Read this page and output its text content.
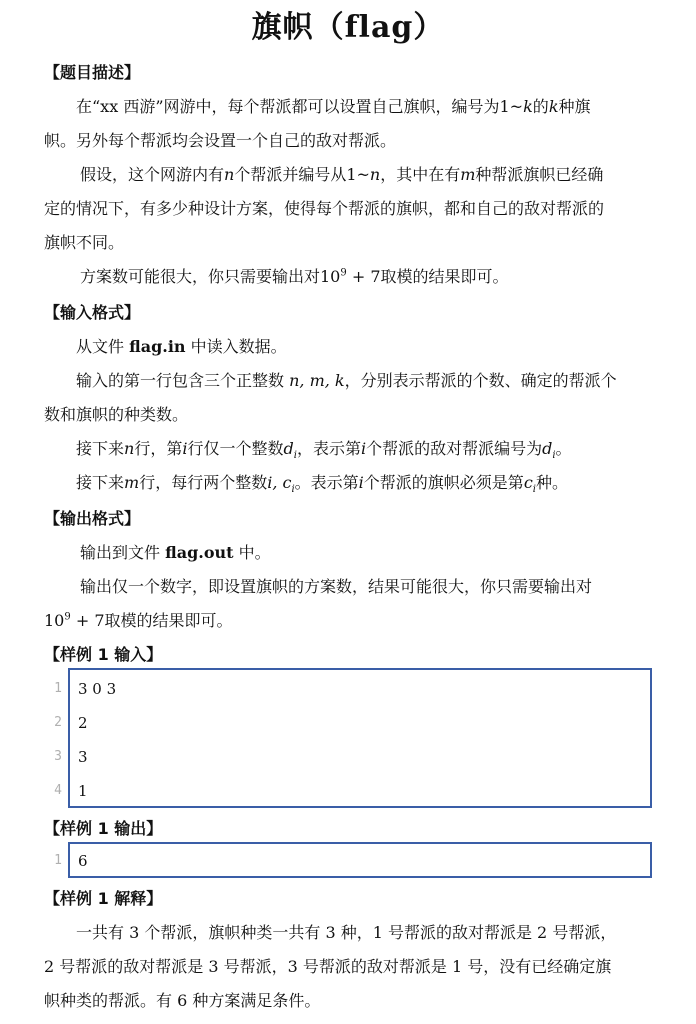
旗帜（flag）
【题目描述】
在“xx 西游”网游中，每个帮派都可以设置自己旗帜，编号为1~k的k种旗
帜。另外每个帮派均会设置一个自己的敌对帮派。
假设，这个网游内有n个帮派并编号从1~n，其中在有m种帮派旗帜已经确
定的情况下，有多少种设计方案，使得每个帮派的旗帜，都和自己的敌对帮派的
旗帜不同。
方案数可能很大，你只需要输出对$10^9 + 7$取模的结果即可。
【输入格式】
从文件 flag.in 中读入数据。
输入的第一行包含三个正整数 n, m, k，分别表示帮派的个数、确定的帮派个
数和旗帜的种类数。
接下来n行，第i行仅一个整数$d_i$，表示第i个帮派的敌对帮派编号为$d_i$。
接下来m行，每行两个整数i, $c_i$。表示第i个帮派的旗帜必须是第$c_i$种。
【输出格式】
输出到文件 flag.out 中。
输出仅一个数字，即设置旗帜的方案数，结果可能很大，你只需要输出对
$10^9 + 7$取模的结果即可。
【样例 1 输入】
1
2
3
4
3 0 3
2
3
1
【样例 1 输出】
1 6
【样例 1 解释】
一共有 3 个帮派，旗帜种类一共有 3 种，1 号帮派的敌对帮派是 2 号帮派，
2 号帮派的敌对帮派是 3 号帮派，3 号帮派的敌对帮派是 1 号，没有已经确定旗
帜种类的帮派。有 6 种方案满足条件。
